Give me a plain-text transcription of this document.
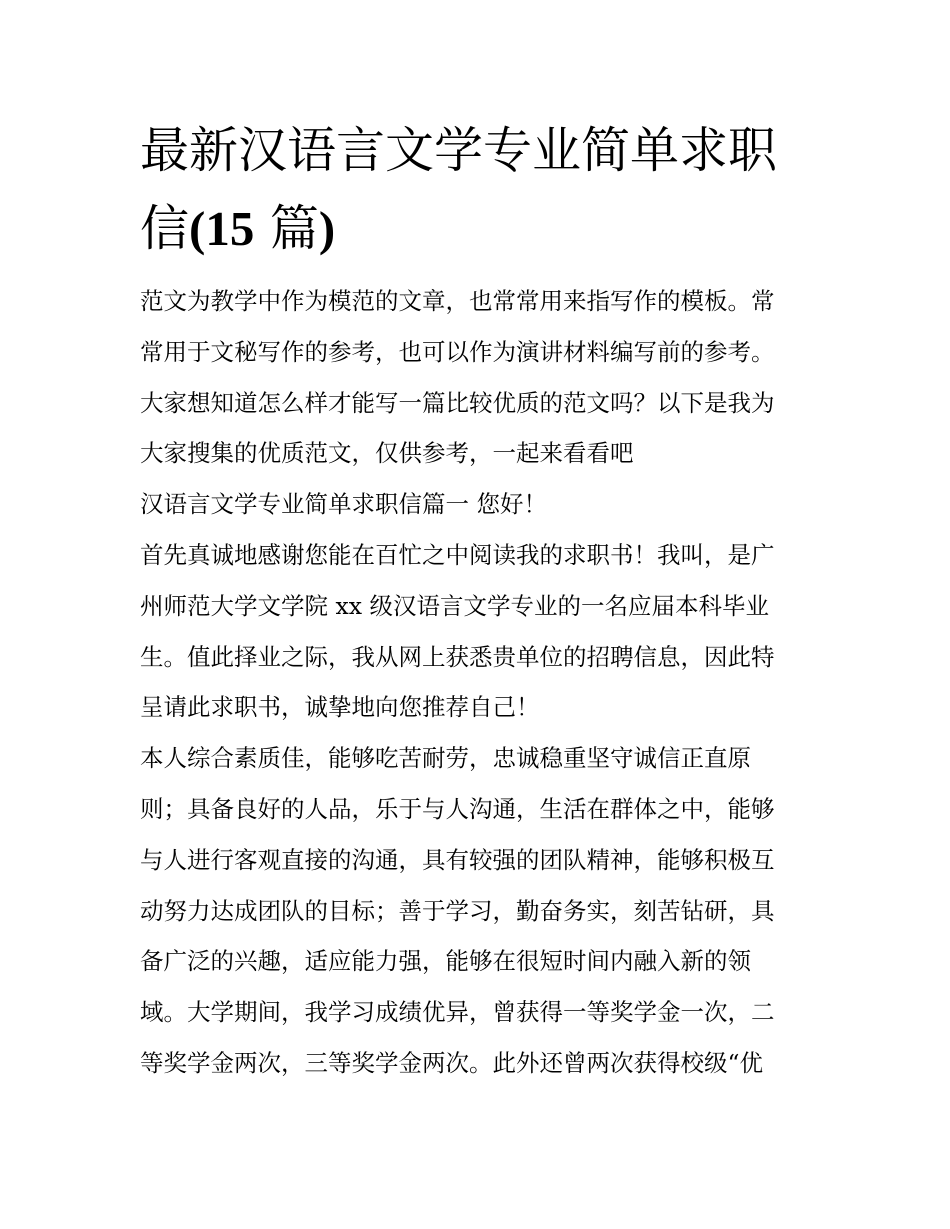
最新汉语言文学专业简单求职
信(15 篇)
范文为教学中作为模范的文章，也常常用来指写作的模板。常
常用于文秘写作的参考，也可以作为演讲材料编写前的参考。
大家想知道怎么样才能写一篇比较优质的范文吗？以下是我为
大家搜集的优质范文，仅供参考，一起来看看吧
汉语言文学专业简单求职信篇一 您好！
首先真诚地感谢您能在百忙之中阅读我的求职书！我叫，是广
州师范大学文学院 xx 级汉语言文学专业的一名应届本科毕业
生。值此择业之际，我从网上获悉贵单位的招聘信息，因此特
呈请此求职书，诚挚地向您推荐自己！
本人综合素质佳，能够吃苦耐劳，忠诚稳重坚守诚信正直原
则；具备良好的人品，乐于与人沟通，生活在群体之中，能够
与人进行客观直接的沟通，具有较强的团队精神，能够积极互
动努力达成团队的目标；善于学习，勤奋务实，刻苦钻研，具
备广泛的兴趣，适应能力强，能够在很短时间内融入新的领
域。大学期间，我学习成绩优异，曾获得一等奖学金一次，二
等奖学金两次，三等奖学金两次。此外还曾两次获得校级“优
